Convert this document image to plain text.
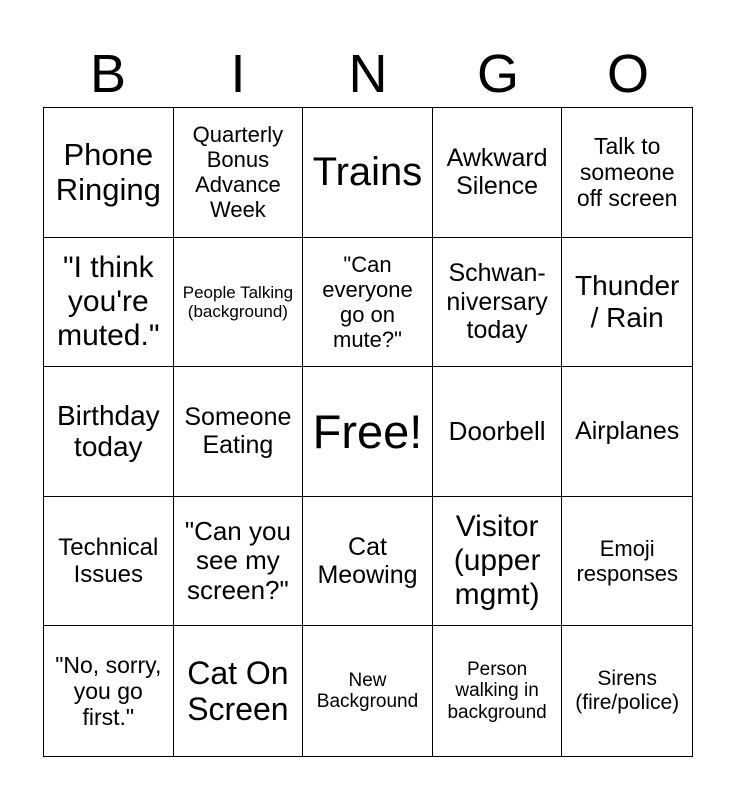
B	I	N	G	O
Phone Ringing
Quarterly Bonus Advance Week
Trains Awkward Silence
Talk to someone off screen
"I think you're muted."
People Talking (background)
"Can everyone go on mute?"
Schwan-niversary today
Thunder / Rain
Birthday today
Someone Eating Free! Doorbell Airplanes
Technical Issues
"Can you see my screen?"
Cat Meowing
Visitor (upper mgmt)
Emoji responses
"No, sorry, you go first."
Cat On Screen
New Background
Person walking in background
Sirens (fire/police)
